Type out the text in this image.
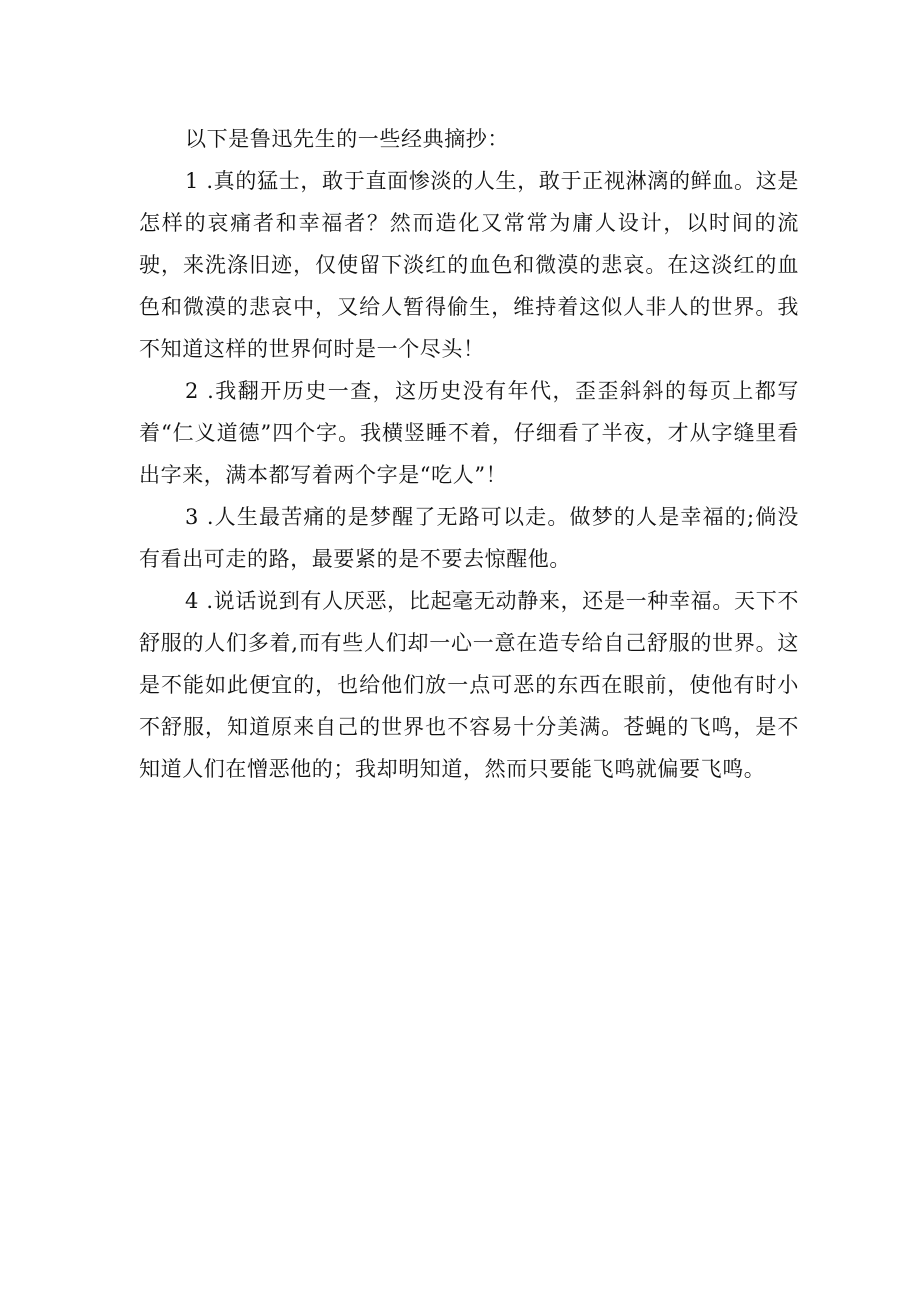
以下是鲁迅先生的一些经典摘抄：

1 .真的猛士，敢于直面惨淡的人生，敢于正视淋漓的鲜血。这是怎样的哀痛者和幸福者？然而造化又常常为庸人设计，以时间的流驶，来洗涤旧迹，仅使留下淡红的血色和微漠的悲哀。在这淡红的血色和微漠的悲哀中，又给人暂得偷生，维持着这似人非人的世界。我不知道这样的世界何时是一个尽头！

2 .我翻开历史一查，这历史没有年代，歪歪斜斜的每页上都写着“仁义道德”四个字。我横竖睡不着，仔细看了半夜，才从字缝里看出字来，满本都写着两个字是“吃人”！

3 .人生最苦痛的是梦醒了无路可以走。做梦的人是幸福的;倘没有看出可走的路，最要紧的是不要去惊醒他。

4 .说话说到有人厌恶，比起毫无动静来，还是一种幸福。天下不舒服的人们多着,而有些人们却一心一意在造专给自己舒服的世界。这是不能如此便宜的，也给他们放一点可恶的东西在眼前，使他有时小不舒服，知道原来自己的世界也不容易十分美满。苍蝇的飞鸣，是不知道人们在憎恶他的；我却明知道，然而只要能飞鸣就偏要飞鸣。
